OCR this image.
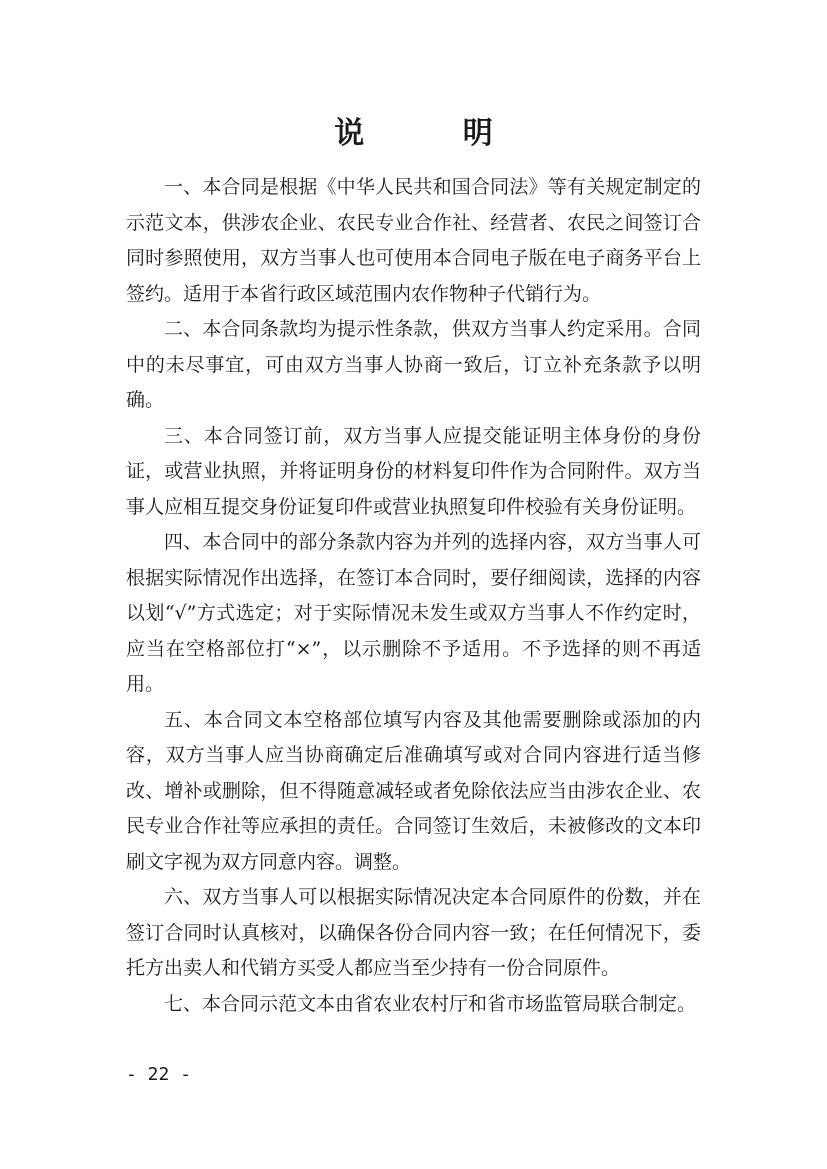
说 明

一、本合同是根据《中华人民共和国合同法》等有关规定制定的示范文本，供涉农企业、农民专业合作社、经营者、农民之间签订合同时参照使用，双方当事人也可使用本合同电子版在电子商务平台上签约。适用于本省行政区域范围内农作物种子代销行为。

二、本合同条款均为提示性条款，供双方当事人约定采用。合同中的未尽事宜，可由双方当事人协商一致后，订立补充条款予以明确。

三、本合同签订前，双方当事人应提交能证明主体身份的身份证，或营业执照，并将证明身份的材料复印件作为合同附件。双方当事人应相互提交身份证复印件或营业执照复印件校验有关身份证明。

四、本合同中的部分条款内容为并列的选择内容，双方当事人可根据实际情况作出选择，在签订本合同时，要仔细阅读，选择的内容以划“√”方式选定；对于实际情况未发生或双方当事人不作约定时，应当在空格部位打“×”，以示删除不予适用。不予选择的则不再适用。

五、本合同文本空格部位填写内容及其他需要删除或添加的内容，双方当事人应当协商确定后准确填写或对合同内容进行适当修改、增补或删除，但不得随意减轻或者免除依法应当由涉农企业、农民专业合作社等应承担的责任。合同签订生效后，未被修改的文本印刷文字视为双方同意内容。调整。

六、双方当事人可以根据实际情况决定本合同原件的份数，并在签订合同时认真核对，以确保各份合同内容一致；在任何情况下，委托方出卖人和代销方买受人都应当至少持有一份合同原件。

七、本合同示范文本由省农业农村厅和省市场监管局联合制定。

- 22 -
